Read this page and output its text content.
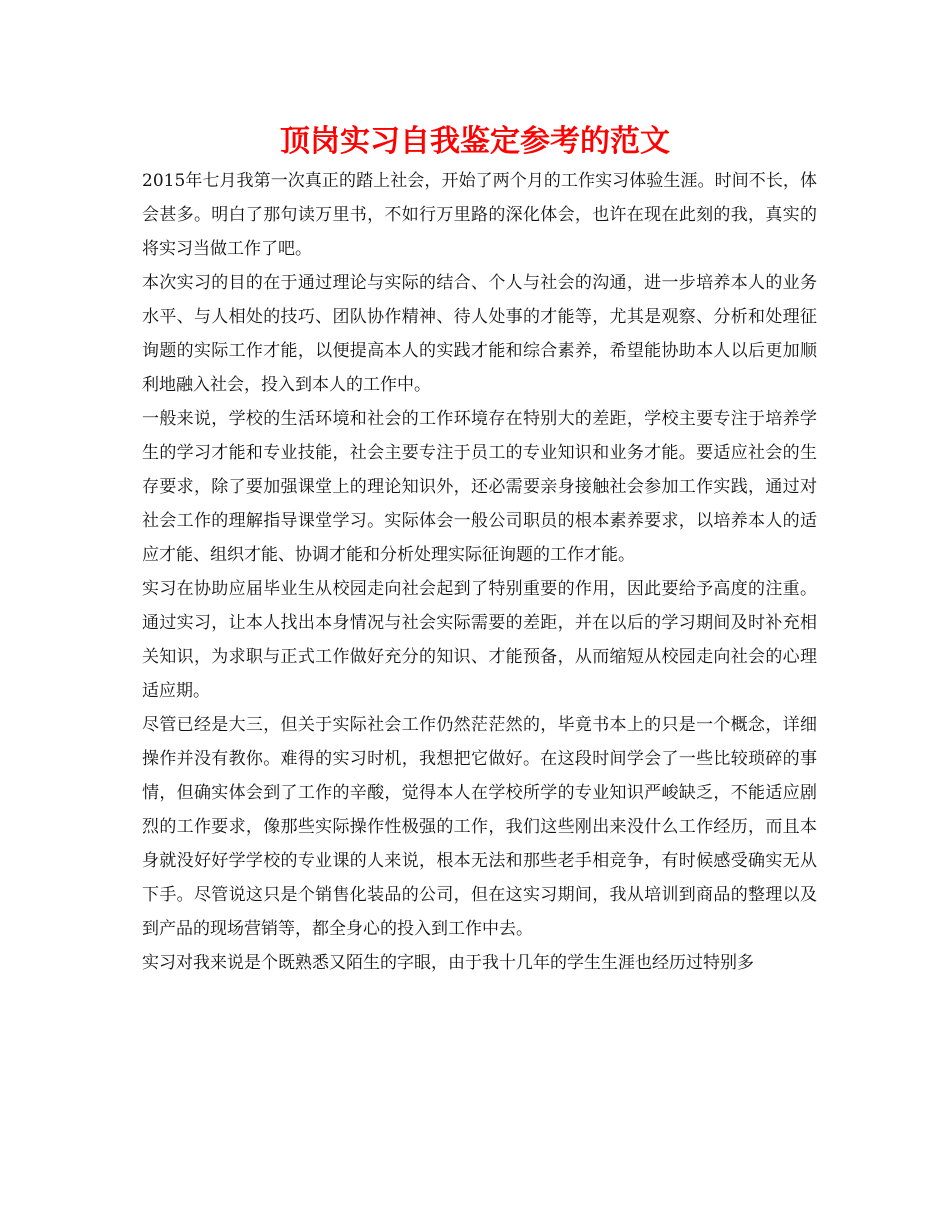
顶岗实习自我鉴定参考的范文

2015年七月我第一次真正的踏上社会，开始了两个月的工作实习体验生涯。时间不长，体会甚多。明白了那句读万里书，不如行万里路的深化体会，也许在现在此刻的我，真实的将实习当做工作了吧。

本次实习的目的在于通过理论与实际的结合、个人与社会的沟通，进一步培养本人的业务水平、与人相处的技巧、团队协作精神、待人处事的才能等，尤其是观察、分析和处理征询题的实际工作才能，以便提高本人的实践才能和综合素养，希望能协助本人以后更加顺利地融入社会，投入到本人的工作中。

一般来说，学校的生活环境和社会的工作环境存在特别大的差距，学校主要专注于培养学生的学习才能和专业技能，社会主要专注于员工的专业知识和业务才能。要适应社会的生存要求，除了要加强课堂上的理论知识外，还必需要亲身接触社会参加工作实践，通过对社会工作的理解指导课堂学习。实际体会一般公司职员的根本素养要求，以培养本人的适应才能、组织才能、协调才能和分析处理实际征询题的工作才能。

实习在协助应届毕业生从校园走向社会起到了特别重要的作用，因此要给予高度的注重。通过实习，让本人找出本身情况与社会实际需要的差距，并在以后的学习期间及时补充相关知识，为求职与正式工作做好充分的知识、才能预备，从而缩短从校园走向社会的心理适应期。

尽管已经是大三，但关于实际社会工作仍然茫茫然的，毕竟书本上的只是一个概念，详细操作并没有教你。难得的实习时机，我想把它做好。在这段时间学会了一些比较琐碎的事情，但确实体会到了工作的辛酸，觉得本人在学校所学的专业知识严峻缺乏，不能适应剧烈的工作要求，像那些实际操作性极强的工作，我们这些刚出来没什么工作经历，而且本身就没好好学学校的专业课的人来说，根本无法和那些老手相竞争，有时候感受确实无从下手。尽管说这只是个销售化装品的公司，但在这实习期间，我从培训到商品的整理以及到产品的现场营销等，都全身心的投入到工作中去。

实习对我来说是个既熟悉又陌生的字眼，由于我十几年的学生生涯也经历过特别多
